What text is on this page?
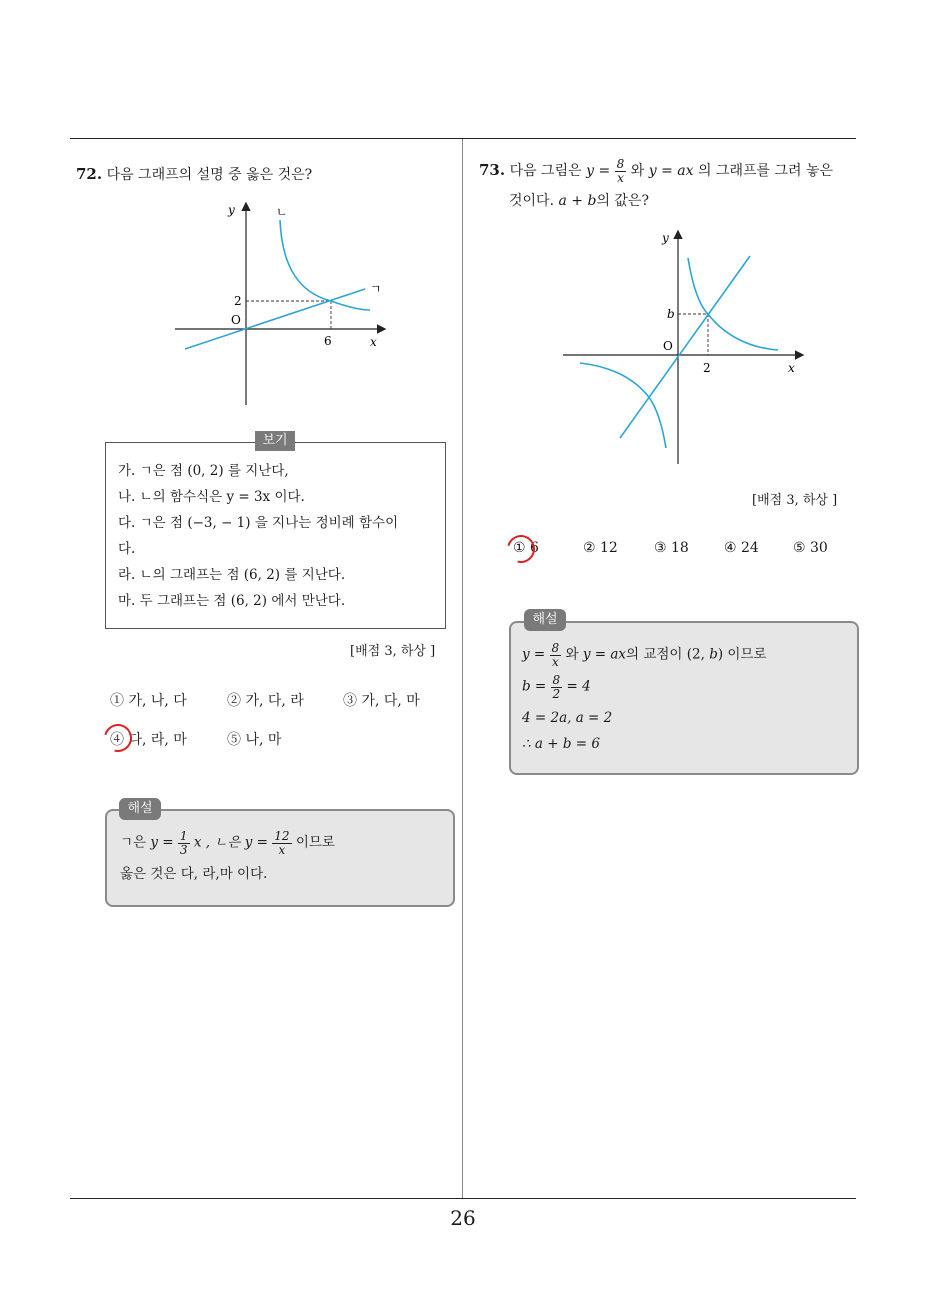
26
72. 다음 그래프의 설명 중 옳은 것은?
y
x
O
6
2
ㄱ
ㄴ
보기
가. ㄱ은 점 (0, 2) 를 지난다,
나. ㄴ의 함수식은 y = 3x 이다.
다. ㄱ은 점 (−3, − 1) 을 지나는 정비례 함수이
다.
라. ㄴ의 그래프는 점 (6, 2) 를 지난다.
마. 두 그래프는 점 (6, 2) 에서 만난다.
[배점 3, 하상 ]
① 가, 나, 다	② 가, 다, 라	③ 가, 다, 마
④ 다, 라, 마	⑤ 나, 마
해설
ㄱ은 $y = \frac{1}{3}$ x , ㄴ은 $y = \frac{12}{x}$ 이므로
옳은 것은 다, 라,마 이다.
73. 다음 그림은 $y = \frac{8}{x}$ 와 y = ax 의 그래프를 그려 놓은
것이다. a + b의 값은?
y
x
O
2
b
[배점 3, 하상 ]
① 6	② 12	③ 18	④ 24 ⑤ 30
해설
$y = \frac{8}{x}$ 와 y = ax의 교점이 (2, b) 이므로
$b = \frac{8}{2} = 4$
4 = 2a, a = 2
∴ a + b = 6
